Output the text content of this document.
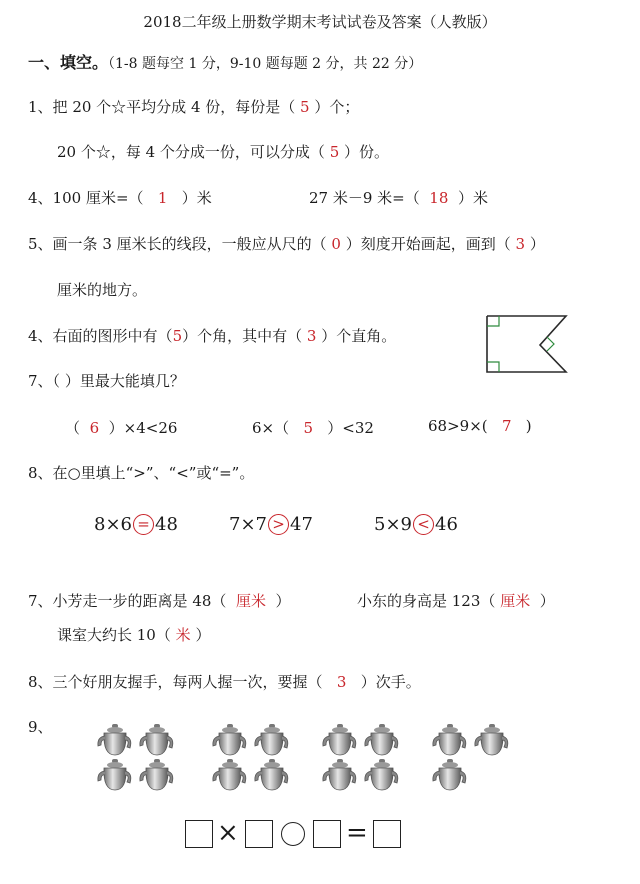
2018二年级上册数学期末考试试卷及答案（人教版）
一、填空。（1-8 题每空 1 分，9-10 题每题 2 分，共 22 分）
1、把 20 个☆平均分成 4 份，每份是（ 5 ）个；
20 个☆，每 4 个分成一份，可以分成（ 5 ）份。
4、100 厘米=（ 1 ）米	27 米－9 米=（ 18 ）米
5、画一条 3 厘米长的线段，一般应从尺的（ 0 ）刻度开始画起，画到（ 3 ）
厘米的地方。
4、右面的图形中有（5）个角，其中有（ 3 ）个直角。
7、（ ）里最大能填几？
（ 6 ）×4<26	6×（ 5 ）<32	68>9×( 7 )
8、在○里填上“>”、“<”或“=”。
8×6 = 48	7×7 > 47	5×9 < 46
7、小芳走一步的距离是 48（ 厘米 ）	小东的身高是 123（ 厘米 ）
课室大约长 10（ 米 ）
8、三个好朋友握手，每两人握一次，要握（ 3 ）次手。
9、
×	=
